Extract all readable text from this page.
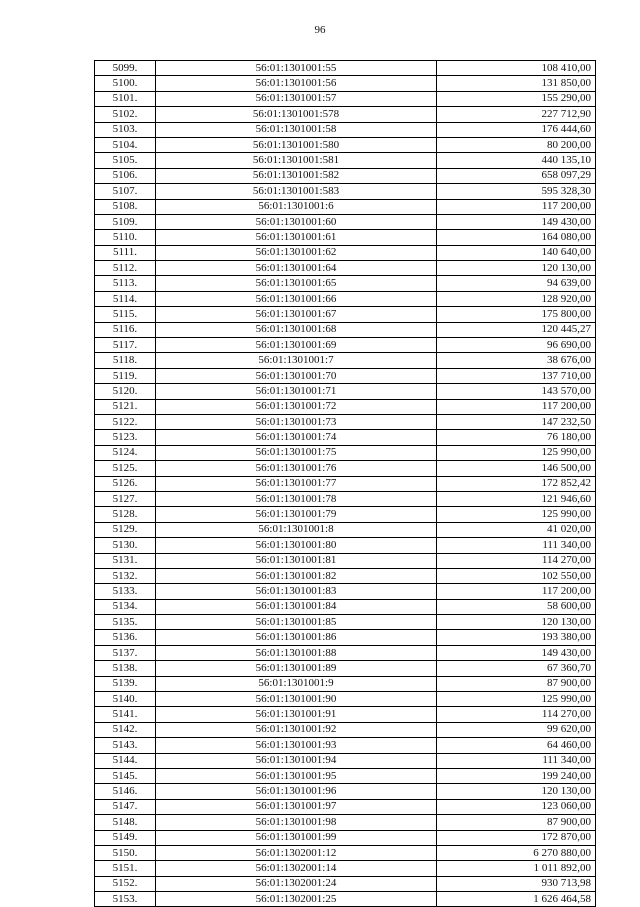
96
5099.	56:01:1301001:55	108 410,00
5100.	56:01:1301001:56	131 850,00
5101.	56:01:1301001:57	155 290,00
5102.	56:01:1301001:578	227 712,90
5103.	56:01:1301001:58	176 444,60
5104.	56:01:1301001:580	80 200,00
5105.	56:01:1301001:581	440 135,10
5106.	56:01:1301001:582	658 097,29
5107.	56:01:1301001:583	595 328,30
5108.	56:01:1301001:6	117 200,00
5109.	56:01:1301001:60	149 430,00
5110.	56:01:1301001:61	164 080,00
5111.	56:01:1301001:62	140 640,00
5112.	56:01:1301001:64	120 130,00
5113.	56:01:1301001:65	94 639,00
5114.	56:01:1301001:66	128 920,00
5115.	56:01:1301001:67	175 800,00
5116.	56:01:1301001:68	120 445,27
5117.	56:01:1301001:69	96 690,00
5118.	56:01:1301001:7	38 676,00
5119.	56:01:1301001:70	137 710,00
5120.	56:01:1301001:71	143 570,00
5121.	56:01:1301001:72	117 200,00
5122.	56:01:1301001:73	147 232,50
5123.	56:01:1301001:74	76 180,00
5124.	56:01:1301001:75	125 990,00
5125.	56:01:1301001:76	146 500,00
5126.	56:01:1301001:77	172 852,42
5127.	56:01:1301001:78	121 946,60
5128.	56:01:1301001:79	125 990,00
5129.	56:01:1301001:8	41 020,00
5130.	56:01:1301001:80	111 340,00
5131.	56:01:1301001:81	114 270,00
5132.	56:01:1301001:82	102 550,00
5133.	56:01:1301001:83	117 200,00
5134.	56:01:1301001:84	58 600,00
5135.	56:01:1301001:85	120 130,00
5136.	56:01:1301001:86	193 380,00
5137.	56:01:1301001:88	149 430,00
5138.	56:01:1301001:89	67 360,70
5139.	56:01:1301001:9	87 900,00
5140.	56:01:1301001:90	125 990,00
5141.	56:01:1301001:91	114 270,00
5142.	56:01:1301001:92	99 620,00
5143.	56:01:1301001:93	64 460,00
5144.	56:01:1301001:94	111 340,00
5145.	56:01:1301001:95	199 240,00
5146.	56:01:1301001:96	120 130,00
5147.	56:01:1301001:97	123 060,00
5148.	56:01:1301001:98	87 900,00
5149.	56:01:1301001:99	172 870,00
5150.	56:01:1302001:12	6 270 880,00
5151.	56:01:1302001:14	1 011 892,00
5152.	56:01:1302001:24	930 713,98
5153.	56:01:1302001:25	1 626 464,58
